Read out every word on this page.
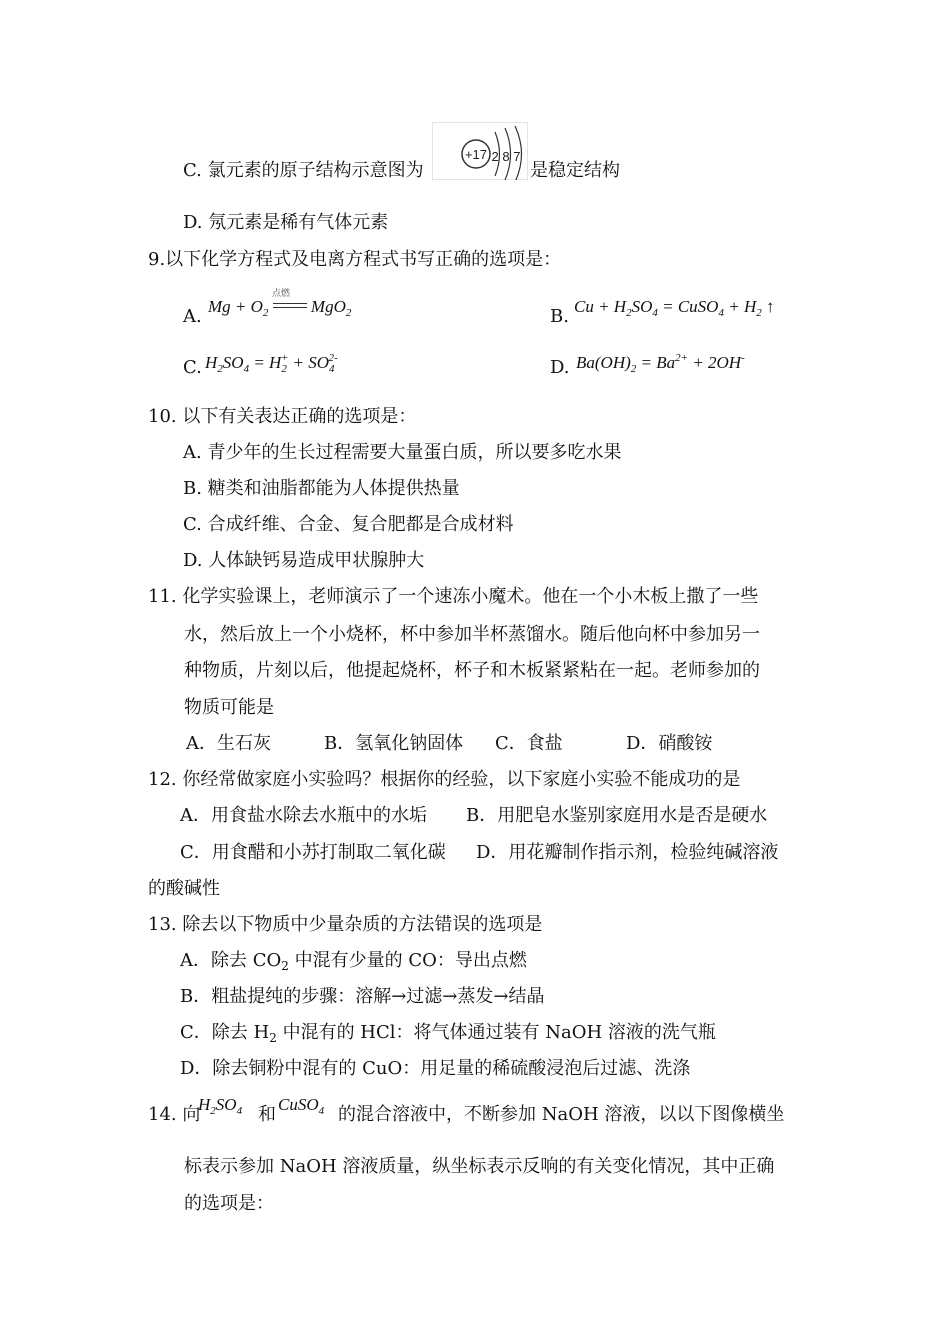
C. 氯元素的原子结构示意图为
+17 2 8 7
是稳定结构
D. 氖元素是稀有气体元素
9.以下化学方程式及电离方程式书写正确的选项是：
A.
点燃
$Mg + O_2$  MgO$_2$	B. $Cu + H_2SO_4$ = CuSO$_4$ + $H_2$ ↑
C. $H_2SO_4 = H_2^+ + SO_4^{2-}$	D. $Ba(OH)_2 = Ba^{2+} + 2OH^-$
10. 以下有关表达正确的选项是：
A. 青少年的生长过程需要大量蛋白质，所以要多吃水果
B. 糖类和油脂都能为人体提供热量
C. 合成纤维、合金、复合肥都是合成材料
D. 人体缺钙易造成甲状腺肿大
11. 化学实验课上，老师演示了一个速冻小魔术。他在一个小木板上撒了一些
水，然后放上一个小烧杯，杯中参加半杯蒸馏水。随后他向杯中参加另一
种物质，片刻以后，他提起烧杯，杯子和木板紧紧粘在一起。老师参加的
物质可能是
A．生石灰	B．氢氧化钠固体 C．食盐	D．硝酸铵
12. 你经常做家庭小实验吗？根据你的经验，以下家庭小实验不能成功的是
A．用食盐水除去水瓶中的水垢 B．用肥皂水鉴别家庭用水是否是硬水
C．用食醋和小苏打制取二氧化碳 D．用花瓣制作指示剂，检验纯碱溶液
的酸碱性
13. 除去以下物质中少量杂质的方法错误的选项是
A．除去 $CO_2$ 中混有少量的 CO：导出点燃
B．粗盐提纯的步骤：溶解→过滤→蒸发→结晶
C．除去 $H_2$ 中混有的 HCl：将气体通过装有 NaOH 溶液的洗气瓶
D．除去铜粉中混有的 CuO：用足量的稀硫酸浸泡后过滤、洗涤
14. 向
$H_2SO_4$ 和 CuSO$_4$ 的混合溶液中，不断参加 NaOH 溶液，以以下图像横坐
标表示参加 NaOH 溶液质量，纵坐标表示反响的有关变化情况，其中正确
的选项是：
